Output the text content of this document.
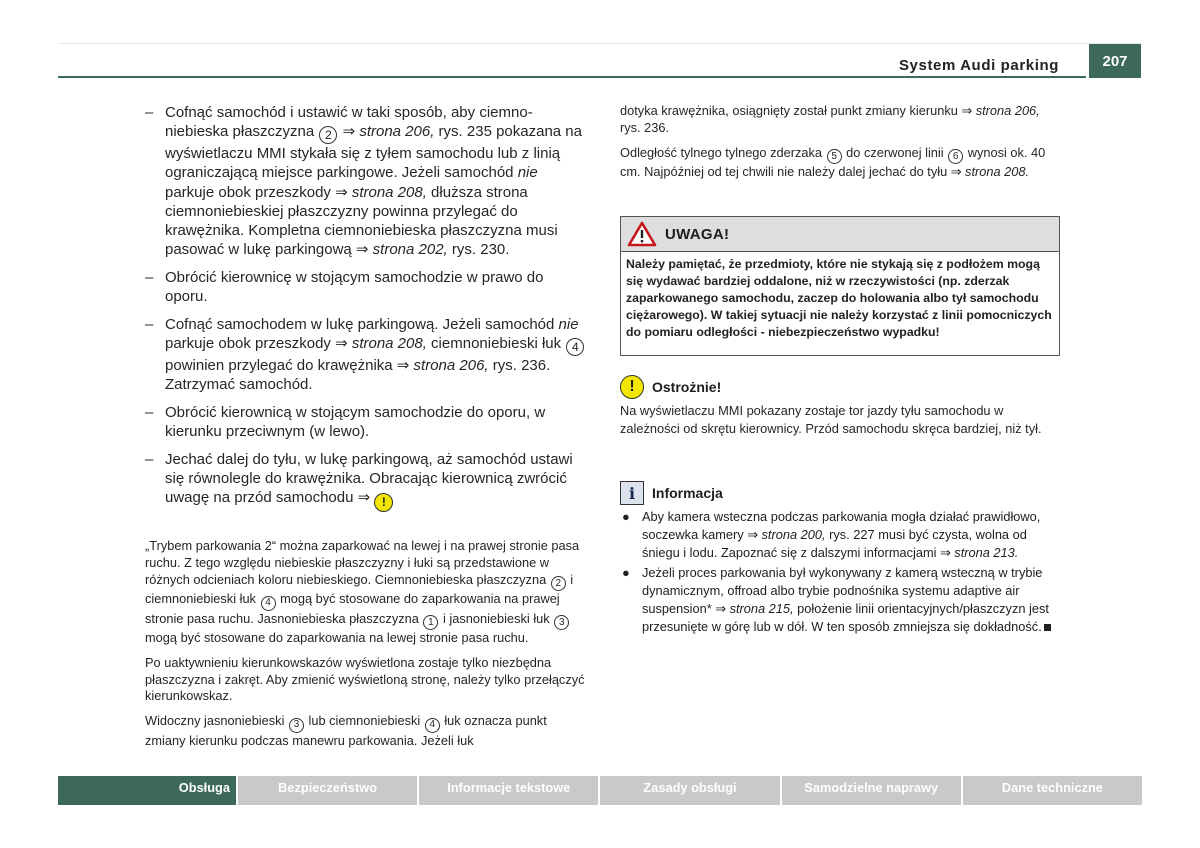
System Audi parking	207
– Cofnąć samochód i ustawić w taki sposób, aby ciemno-niebieska płaszczyzna 2 ⇒ strona 206, rys. 235 pokazana na wyświetlaczu MMI stykała się z tyłem samochodu lub z linią ograniczającą miejsce parkingowe. Jeżeli samochód nie parkuje obok przeszkody ⇒ strona 208, dłuższa strona ciemnoniebieskiej płaszczyzny powinna przylegać do krawężnika. Kompletna ciemnoniebieska płaszczyzna musi pasować w lukę parkingową ⇒ strona 202, rys. 230.
– Obrócić kierownicę w stojącym samochodzie w prawo do oporu.
– Cofnąć samochodem w lukę parkingową. Jeżeli samochód nie parkuje obok przeszkody ⇒ strona 208, ciemnoniebieski łuk 4 powinien przylegać do krawężnika ⇒ strona 206, rys. 236. Zatrzymać samochód.
– Obrócić kierownicą w stojącym samochodzie do oporu, w kierunku przeciwnym (w lewo).
– Jechać dalej do tyłu, w lukę parkingową, aż samochód ustawi się równolegle do krawężnika. Obracając kierownicą zwrócić uwagę na przód samochodu ⇒ !

„Trybem parkowania 2“ można zaparkować na lewej i na prawej stronie pasa ruchu. Z tego względu niebieskie płaszczyzny i łuki są przedstawione w różnych odcieniach koloru niebieskiego. Ciemnoniebieska płaszczyzna 2 i ciemnoniebieski łuk 4 mogą być stosowane do zaparkowania na prawej stronie pasa ruchu. Jasnoniebieska płaszczyzna 1 i jasnoniebieski łuk 3 mogą być stosowane do zaparkowania na lewej stronie pasa ruchu.

Po uaktywnieniu kierunkowskazów wyświetlona zostaje tylko niezbędna płaszczyzna i zakręt. Aby zmienić wyświetloną stronę, należy tylko przełączyć kierunkowskaz.

Widoczny jasnoniebieski 3 lub ciemnoniebieski 4 łuk oznacza punkt zmiany kierunku podczas manewru parkowania. Jeżeli łuk

dotyka krawężnika, osiągnięty został punkt zmiany kierunku ⇒ strona 206, rys. 236.

Odległość tylnego tylnego zderzaka 5 do czerwonej linii 6 wynosi ok. 40 cm. Najpóźniej od tej chwili nie należy dalej jechać do tyłu ⇒ strona 208.

UWAGA!
Należy pamiętać, że przedmioty, które nie stykają się z podłożem mogą się wydawać bardziej oddalone, niż w rzeczywistości (np. zderzak zaparkowanego samochodu, zaczep do holowania albo tył samochodu ciężarowego). W takiej sytuacji nie należy korzystać z linii pomocniczych do pomiaru odległości - niebezpieczeństwo wypadku!
!	Ostrożnie!

Na wyświetlaczu MMI pokazany zostaje tor jazdy tyłu samochodu w zależności od skrętu kierownicy. Przód samochodu skręca bardziej, niż tył.

i	Informacja
● Aby kamera wsteczna podczas parkowania mogła działać prawidłowo, soczewka kamery ⇒ strona 200, rys. 227 musi być czysta, wolna od śniegu i lodu. Zapoznać się z dalszymi informacjami ⇒ strona 213.
● Jeżeli proces parkowania był wykonywany z kamerą wsteczną w trybie dynamicznym, offroad albo trybie podnośnika systemu adaptive air suspension* ⇒ strona 215, położenie linii orientacyjnych/płaszczyzn jest przesunięte w górę lub w dół. W ten sposób zmniejsza się dokładność.
Obsługa	Bezpieczeństwo	Informacje tekstowe	Zasady obsługi	Samodzielne naprawy	Dane techniczne
